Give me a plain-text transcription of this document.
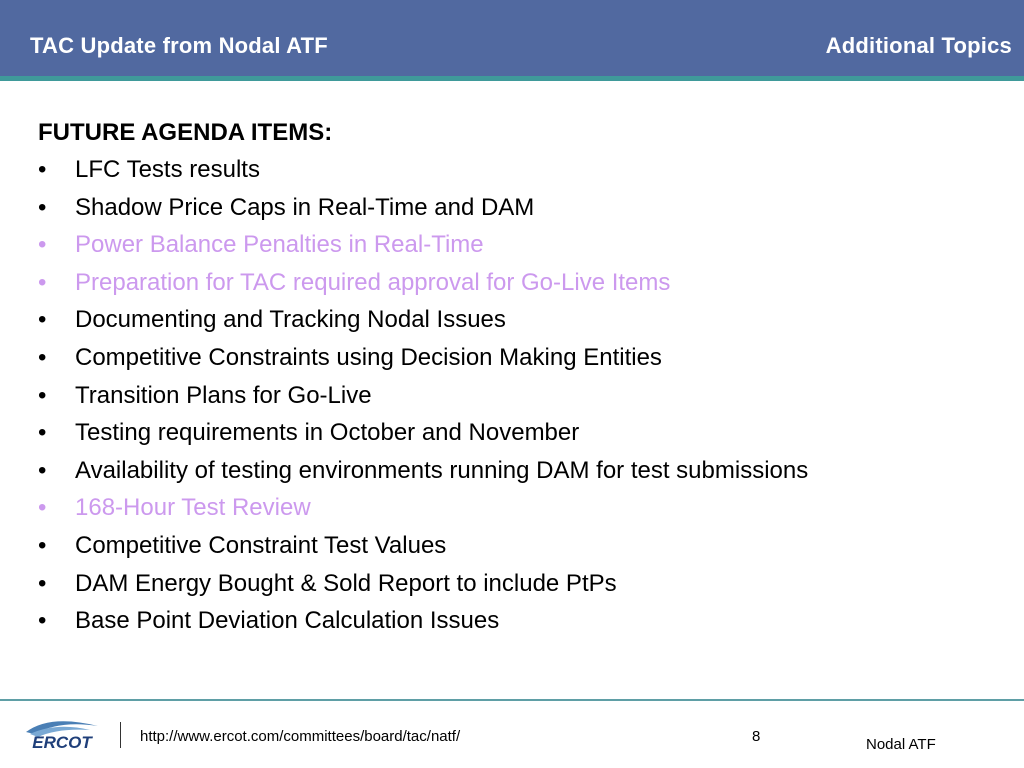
TAC Update from Nodal ATF	Additional Topics
FUTURE AGENDA ITEMS:
• LFC Tests results
• Shadow Price Caps in Real-Time and DAM
• Power Balance Penalties in Real-Time
• Preparation for TAC required approval for Go-Live Items
• Documenting and Tracking Nodal Issues
• Competitive Constraints using Decision Making Entities
• Transition Plans for Go-Live
• Testing requirements in October and November
• Availability of testing environments running DAM for test submissions
• 168-Hour Test Review
• Competitive Constraint Test Values
• DAM Energy Bought & Sold Report to include PtPs
• Base Point Deviation Calculation Issues
ERCOT	http://www.ercot.com/committees/board/tac/natf/	8	Nodal ATF
